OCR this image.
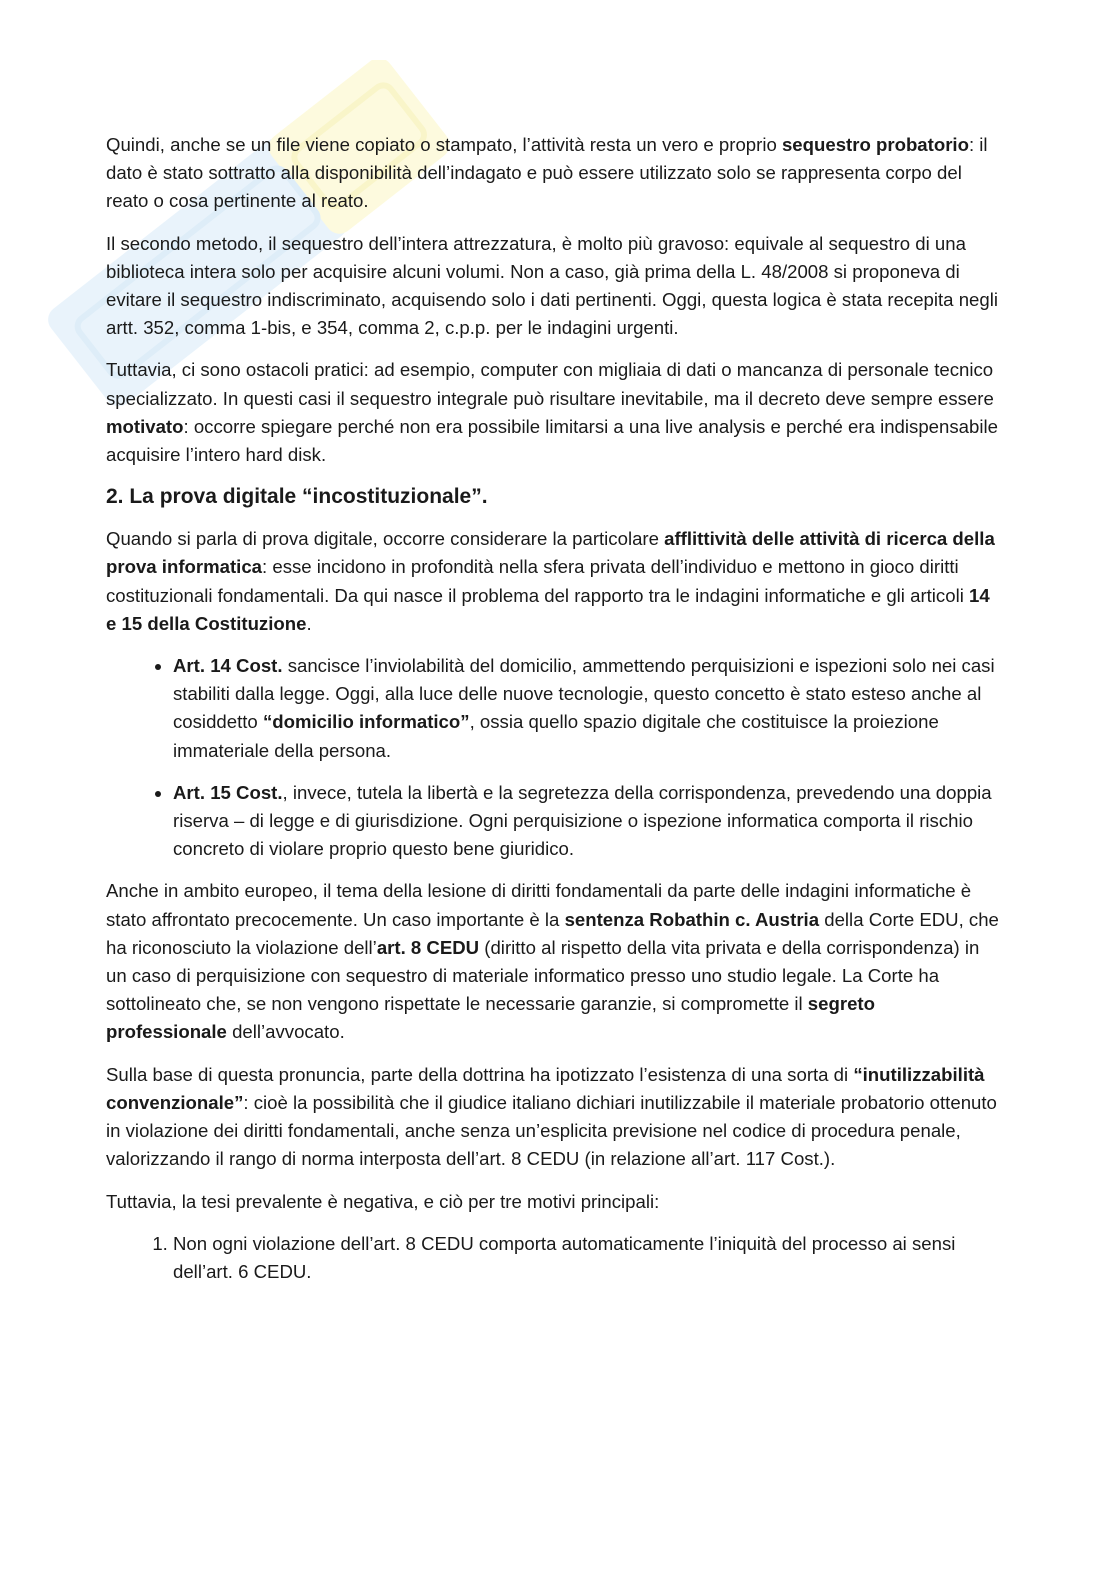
Quindi, anche se un file viene copiato o stampato, l’attività resta un vero e proprio sequestro probatorio: il dato è stato sottratto alla disponibilità dell’indagato e può essere utilizzato solo se rappresenta corpo del reato o cosa pertinente al reato.

Il secondo metodo, il sequestro dell’intera attrezzatura, è molto più gravoso: equivale al sequestro di una biblioteca intera solo per acquisire alcuni volumi. Non a caso, già prima della L. 48/2008 si proponeva di evitare il sequestro indiscriminato, acquisendo solo i dati pertinenti. Oggi, questa logica è stata recepita negli artt. 352, comma 1-bis, e 354, comma 2, c.p.p. per le indagini urgenti.

Tuttavia, ci sono ostacoli pratici: ad esempio, computer con migliaia di dati o mancanza di personale tecnico specializzato. In questi casi il sequestro integrale può risultare inevitabile, ma il decreto deve sempre essere motivato: occorre spiegare perché non era possibile limitarsi a una live analysis e perché era indispensabile acquisire l’intero hard disk.

2. La prova digitale “incostituzionale”.

Quando si parla di prova digitale, occorre considerare la particolare afflittività delle attività di ricerca della prova informatica: esse incidono in profondità nella sfera privata dell’individuo e mettono in gioco diritti costituzionali fondamentali. Da qui nasce il problema del rapporto tra le indagini informatiche e gli articoli 14 e 15 della Costituzione.

• Art. 14 Cost. sancisce l’inviolabilità del domicilio, ammettendo perquisizioni e ispezioni solo nei casi stabiliti dalla legge. Oggi, alla luce delle nuove tecnologie, questo concetto è stato esteso anche al cosiddetto “domicilio informatico”, ossia quello spazio digitale che costituisce la proiezione immateriale della persona.
• Art. 15 Cost., invece, tutela la libertà e la segretezza della corrispondenza, prevedendo una doppia riserva – di legge e di giurisdizione. Ogni perquisizione o ispezione informatica comporta il rischio concreto di violare proprio questo bene giuridico.

Anche in ambito europeo, il tema della lesione di diritti fondamentali da parte delle indagini informatiche è stato affrontato precocemente. Un caso importante è la sentenza Robathin c. Austria della Corte EDU, che ha riconosciuto la violazione dell’art. 8 CEDU (diritto al rispetto della vita privata e della corrispondenza) in un caso di perquisizione con sequestro di materiale informatico presso uno studio legale. La Corte ha sottolineato che, se non vengono rispettate le necessarie garanzie, si compromette il segreto professionale dell’avvocato.

Sulla base di questa pronuncia, parte della dottrina ha ipotizzato l’esistenza di una sorta di “inutilizzabilità convenzionale”: cioè la possibilità che il giudice italiano dichiari inutilizzabile il materiale probatorio ottenuto in violazione dei diritti fondamentali, anche senza un’esplicita previsione nel codice di procedura penale, valorizzando il rango di norma interposta dell’art. 8 CEDU (in relazione all’art. 117 Cost.).

Tuttavia, la tesi prevalente è negativa, e ciò per tre motivi principali:

1. Non ogni violazione dell’art. 8 CEDU comporta automaticamente l’iniquità del processo ai sensi dell’art. 6 CEDU.
